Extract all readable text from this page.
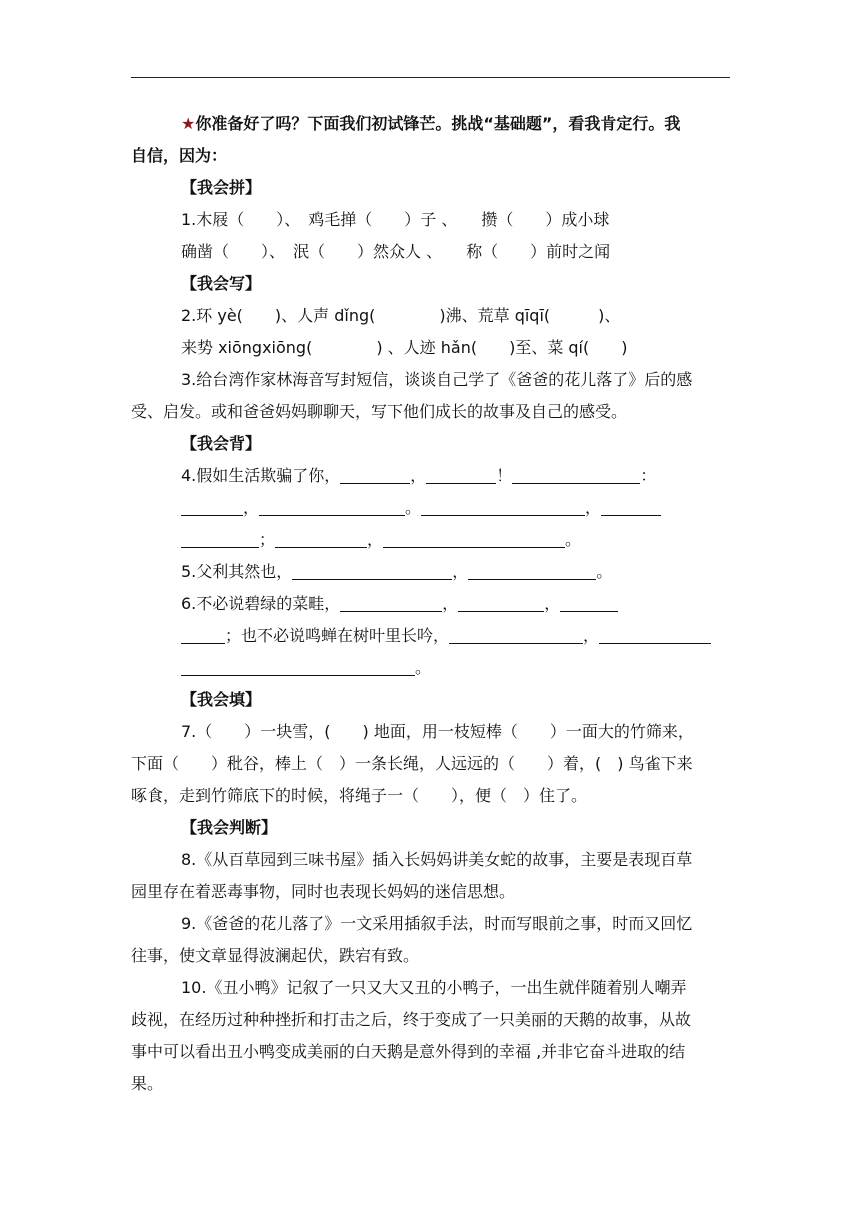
★你准备好了吗？下面我们初试锋芒。挑战“基础题”，看我肯定行。我

自信，因为：

【我会拼】

1.木屐（　　）、　鸡毛掸（　　）子 、　　攒（　　）成小球

确凿（　　）、　泯（　　）然众人 、　　称（　　）前时之闻

【我会写】

2.环 yè(　　)、人声 dǐng(　　　　)沸、荒草 qīqī(　　　)、

来势 xiōngxiōng(　　　　) 、人迹 hǎn(　　)至、菜 qí(　　)

3.给台湾作家林海音写封短信，谈谈自己学了《爸爸的花儿落了》后的感

受、启发。或和爸爸妈妈聊聊天，写下他们成长的故事及自己的感受。

【我会背】

4.假如生活欺骗了你，	，	！	：

，	。	，

；	，	。

5.父利其然也，	，	。

6.不必说碧绿的菜畦，	，	，

；也不必说鸣蝉在树叶里长吟，	，

。

【我会填】

7.（　　）一块雪，(　　) 地面，用一枝短棒（　　）一面大的竹筛来，

下面（　　）秕谷，棒上（　）一条长绳，人远远的（　　）着，(　) 鸟雀下来

啄食，走到竹筛底下的时候，将绳子一（　　），便（　）住了。

【我会判断】

8.《从百草园到三味书屋》插入长妈妈讲美女蛇的故事，主要是表现百草

园里存在着恶毒事物，同时也表现长妈妈的迷信思想。

9.《爸爸的花儿落了》一文采用插叙手法，时而写眼前之事，时而又回忆

往事，使文章显得波澜起伏，跌宕有致。

10.《丑小鸭》记叙了一只又大又丑的小鸭子，一出生就伴随着别人嘲弄

歧视，在经历过种种挫折和打击之后，终于变成了一只美丽的天鹅的故事，从故

事中可以看出丑小鸭变成美丽的白天鹅是意外得到的幸福 ,并非它奋斗进取的结

果。
